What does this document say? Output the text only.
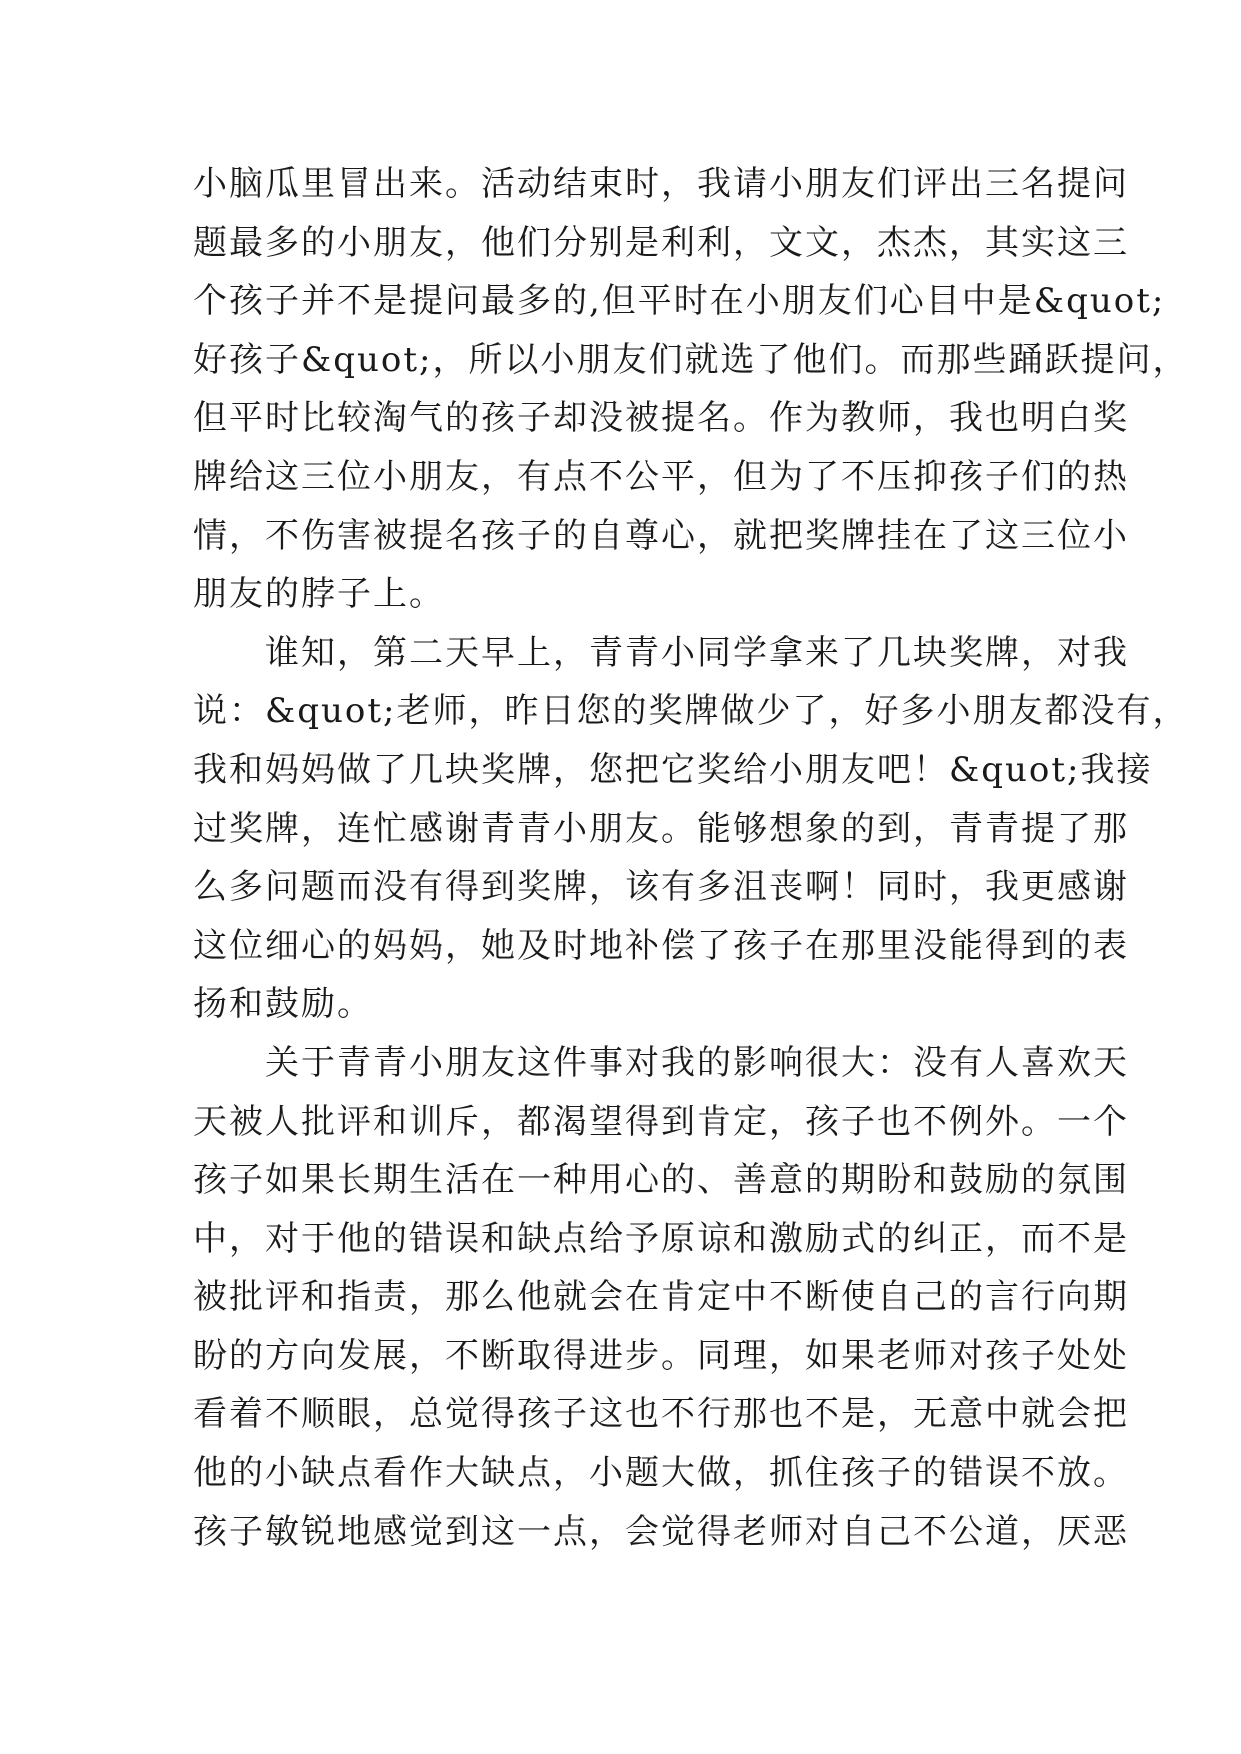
小脑瓜里冒出来。活动结束时，我请小朋友们评出三名提问
题最多的小朋友，他们分别是利利，文文，杰杰，其实这三
个孩子并不是提问最多的,但平时在小朋友们心目中是&quot;
好孩子&quot;，所以小朋友们就选了他们。而那些踊跃提问，
但平时比较淘气的孩子却没被提名。作为教师，我也明白奖
牌给这三位小朋友，有点不公平，但为了不压抑孩子们的热
情，不伤害被提名孩子的自尊心，就把奖牌挂在了这三位小
朋友的脖子上。
谁知，第二天早上，青青小同学拿来了几块奖牌，对我
说：&quot;老师，昨日您的奖牌做少了，好多小朋友都没有，
我和妈妈做了几块奖牌，您把它奖给小朋友吧！&quot;我接
过奖牌，连忙感谢青青小朋友。能够想象的到，青青提了那
么多问题而没有得到奖牌，该有多沮丧啊！同时，我更感谢
这位细心的妈妈，她及时地补偿了孩子在那里没能得到的表
扬和鼓励。
关于青青小朋友这件事对我的影响很大：没有人喜欢天
天被人批评和训斥，都渴望得到肯定，孩子也不例外。一个
孩子如果长期生活在一种用心的、善意的期盼和鼓励的氛围
中，对于他的错误和缺点给予原谅和激励式的纠正，而不是
被批评和指责，那么他就会在肯定中不断使自己的言行向期
盼的方向发展，不断取得进步。同理，如果老师对孩子处处
看着不顺眼，总觉得孩子这也不行那也不是，无意中就会把
他的小缺点看作大缺点，小题大做，抓住孩子的错误不放。
孩子敏锐地感觉到这一点，会觉得老师对自己不公道，厌恶
